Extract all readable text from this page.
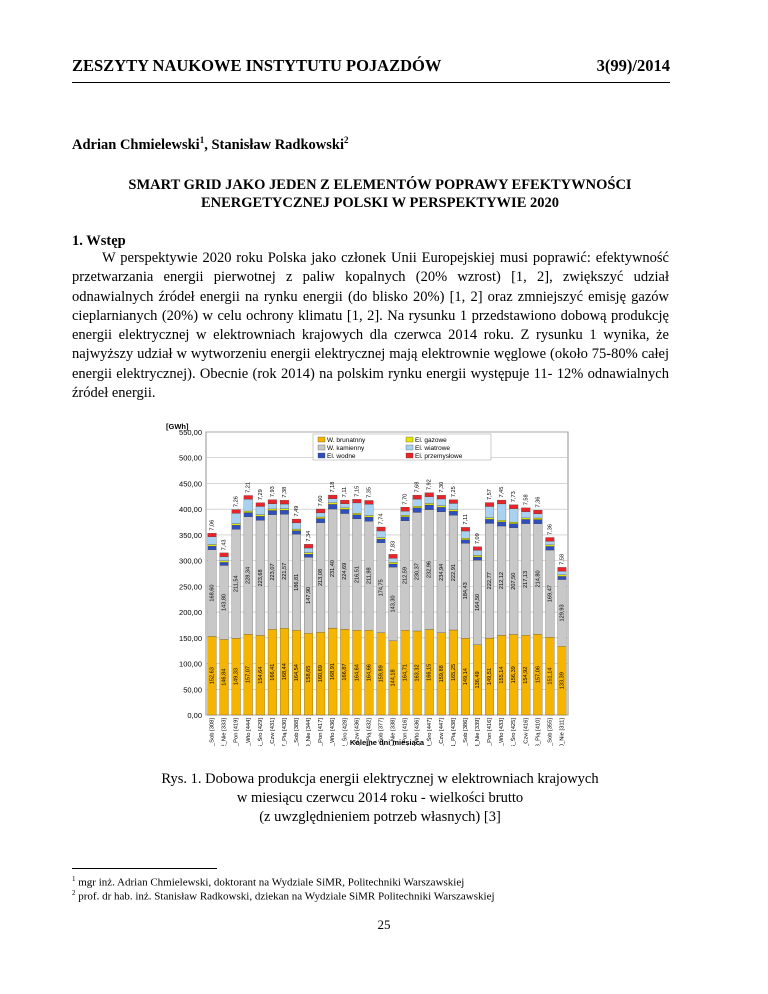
ZESZYTY NAUKOWE INSTYTUTU POJAZDÓW	3(99)/2014
Adrian Chmielewski$^1$, Stanisław Radkowski$^2$
SMART GRID JAKO JEDEN Z ELEMENTÓW POPRAWY EFEKTYWNOŚCI
ENERGETYCZNEJ POLSKI W PERSPEKTYWIE 2020
1. Wstęp
W perspektywie 2020 roku Polska jako członek Unii Europejskiej musi poprawić: efektywność przetwarzania energii pierwotnej z paliw kopalnych (20% wzrost) [1, 2], zwiększyć udział odnawialnych źródeł energii na rynku energii (do blisko 20%) [1, 2] oraz zmniejszyć emisję gazów cieplarnianych (20%) w celu ochrony klimatu [1, 2]. Na rysunku 1 przedstawiono dobową produkcję energii elektrycznej w elektrowniach krajowych dla czerwca 2014 roku. Z rysunku 1 wynika, że najwyższy udział w wytworzeniu energii elektrycznej mają elektrownie węglowe (około 75-80% całej energii elektrycznej). Obecnie (rok 2014) na polskim rynku energii występuje 11- 12% odnawialnych źródeł energii.
0,00
50,00
100,00
150,00
200,00
250,00
300,00
350,00
400,00
450,00
500,00
550,00
[GWh]
152,63
168,60
7,06
01_Sob [308]
146,84
143,80
7,43
02_Nie [333]
149,33
211,54
7,26
03_Pon [419]
157,07
228,34
7,21
04_Wto [444]
154,64
223,68
7,29
05_Śro [429]
166,41
223,07
7,93
06_Czw [431]
168,44
221,57
7,38
07_Pią [430]
164,54
186,81
7,49
08_Sob [388]
158,65
147,90
7,34
09_Nie [344]
160,69
213,08
7,60
10_Pon [417]
168,91
231,40
7,18
11_Wto [436]
166,87
224,69
7,11
12_Śro [428]
164,64
216,51
7,15
13_Czw [436]
164,66
211,98
7,35
14_Pią [432]
159,89
174,75
7,74
15_Sob [377]
144,18
143,30
7,83
16_Nie [338]
164,71
212,59
7,70
17_Pon [416]
163,32
230,37
7,68
18_Wto [436]
166,15
232,96
7,92
19_Śro [447]
159,88
234,94
7,30
20_Czw [447]
165,25
222,91
7,25
21_Pią [438]
149,14
184,43
7,11
22_Sob [386]
136,49
164,50
7,09
23_Nie [339]
149,51
222,77
7,57
24_Pon [416]
155,14
212,12
7,45
25_Wto [433]
156,39
207,50
7,73
26_Śro [425]
154,92
217,13
7,58
27_Czw [416]
157,06
214,80
7,36
28_Pią [410]
151,14
169,47
7,36
29_Sob [355]
133,39
129,93
7,58
30_Nie [311]
Kolejne dni miesiąca
W. brunatnny	El. gazowe
W. kamienny	El. wiatrowe
El. wodne	El. przemysłowe
Rys. 1. Dobowa produkcja energii elektrycznej w elektrowniach krajowych
w miesiącu czerwcu 2014 roku - wielkości brutto
(z uwzględnieniem potrzeb własnych) [3]
$^1$ mgr inż. Adrian Chmielewski, doktorant na Wydziale SiMR, Politechniki Warszawskiej
$^2$ prof. dr hab. inż. Stanisław Radkowski, dziekan na Wydziale SiMR Politechniki Warszawskiej
25
